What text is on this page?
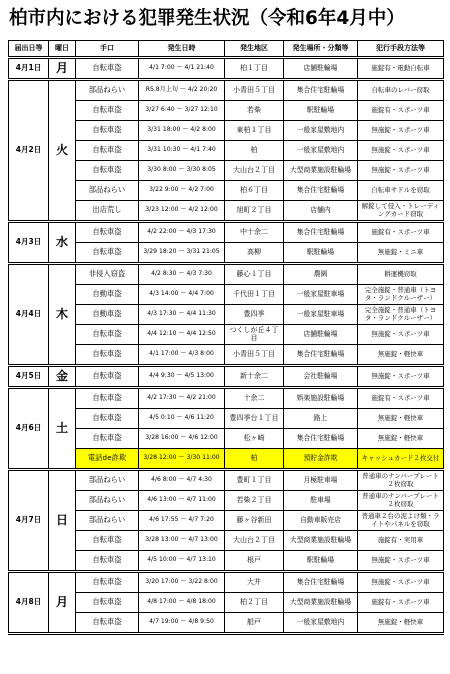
柏市内における犯罪発生状況（令和6年4月中）
届出日等	曜日	手口	発生日時	発生地区	発生場所・分類等	犯行手段方法等
4月1日	月	自転車盗	4/1 7:00 ～ 4/1 21:40	柏１丁目	店舗駐輪場	施錠有・電動自転車
4月2日	火	部品ねらい	R5.8月上旬 ～ 4/2 20:20	小青田５丁目	集合住宅駐輪場	自転車のレバー窃取
		自転車盗	3/27 6:40 ～ 3/27 12:10	若柴	駅駐輪場	施錠有・スポーツ車
		自転車盗	3/31 18:00 ～ 4/2 8:00	東柏１丁目	一般家屋敷地内	無施錠・スポーツ車
		自転車盗	3/31 10:30 ～ 4/1 7:40	柏	一般家屋敷地内	無施錠・スポーツ車
		自転車盗	3/30 8:00 ～ 3/30 8:05	大山台２丁目	大型商業施設駐輪場	無施錠・スポーツ車
		部品ねらい	3/22 9:00 ～ 4/2 7:00	柏６丁目	集合住宅駐輪場	自転車サドルを窃取
		出店荒し	3/23 12:00 ～ 4/2 12:00	旭町２丁目	店舗内	解錠して侵入・トレーディングカード窃取
4月3日	水	自転車盗	4/2 22:00 ～ 4/3 17:30	中十余二	集合住宅駐輪場	施錠有・スポーツ車
		自転車盗	3/29 18:20 ～ 3/31 21:05	高柳	駅駐輪場	無施錠・ミニ車
4月4日	木	非侵入窃盗	4/2 8:30 ～ 4/3 7:30	藤心１丁目	農園	耕運機窃取
		自動車盗	4/3 14:00 ～ 4/4 7:00	千代田１丁目	一般家屋駐車場	完全施錠・普通車（トヨタ・ランドクルーザー）
		自動車盗	4/3 17:30 ～ 4/4 11:30	豊四季	一般家屋駐車場	完全施錠・普通車（トヨタ・ランドクルーザー）
		自転車盗	4/4 12:10 ～ 4/4 12:50	つくしが丘４丁目	店舗駐輪場	無施錠・スポーツ車
		自転車盗	4/1 17:00 ～ 4/3 8:00	小青田５丁目	集合住宅駐輪場	無施錠・軽快車
4月5日	金	自転車盗	4/4 9:30 ～ 4/5 13:00	新十余二	会社駐輪場	無施錠・スポーツ車
4月6日	土	自転車盗	4/2 17:30 ～ 4/2 21:00	十余二	娯楽施設駐輪場	施錠有・スポーツ車
		自転車盗	4/5 0:10 ～ 4/6 11:20	豊四季台１丁目	路上	無施錠・軽快車
		自転車盗	3/28 16:00 ～ 4/6 12:00	松ヶ崎	集合住宅駐輪場	無施錠・軽快車
		電話de詐欺	3/28 12:00 ～ 3/30 11:00	柏	預貯金詐欺	キャッシュカード２枚交付
4月7日	日	部品ねらい	4/6 8:00 ～ 4/7 4:30	豊町１丁目	月極駐車場	普通車のナンバープレート２枚窃取
		部品ねらい	4/6 13:00 ～ 4/7 11:00	若柴２丁目	駐車場	普通車のナンバープレート２枚窃取
		部品ねらい	4/6 17:55 ～ 4/7 7:20	藤ヶ谷新田	自動車販売店	普通車２台の泥よけ類・ライトやパネルを窃取
		自転車盗	3/28 13:00 ～ 4/7 13:00	大山台２丁目	大型商業施設駐輪場	施錠有・実用車
		自転車盗	4/5 10:00 ～ 4/7 13:10	根戸	駅駐輪場	無施錠・スポーツ車
4月8日	月	自転車盗	3/20 17:00 ～ 3/22 8:00	大井	集合住宅駐輪場	無施錠・スポーツ車
		自転車盗	4/8 17:00 ～ 4/8 18:00	柏２丁目	大型商業施設駐輪場	施錠有・スポーツ車
		自転車盗	4/7 19:00 ～ 4/8 9:50	船戸	一般家屋敷地内	無施錠・軽快車
